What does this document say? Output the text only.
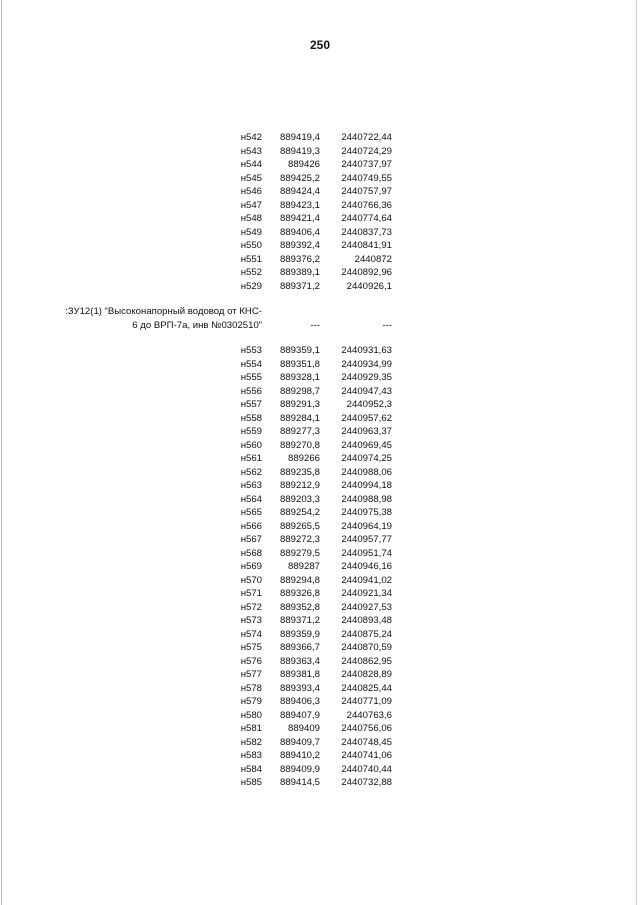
250
н542 889419,4 2440722,44
н543 889419,3 2440724,29
н544	889426 2440737,97
н545 889425,2 2440749,55
н546 889424,4 2440757,97
н547 889423,1 2440766,36
н548 889421,4 2440774,64
н549 889406,4 2440837,73
н550 889392,4 2440841,91
н551 889376,2	2440872
н552 889389,1 2440892,96
н529 889371,2	2440926,1
:ЗУ12(1) “Высоконапорный водовод от КНС-
6 до ВРП-7а, инв №0302510”	---	---
н553 889359,1 2440931,63
н554 889351,8 2440934,99
н555 889328,1 2440929,35
н556 889298,7 2440947,43
н557 889291,3	2440952,3
н558 889284,1 2440957,62
н559 889277,3 2440963,37
н560 889270,8 2440969,45
н561	889266 2440974,25
н562 889235,8 2440988,06
н563 889212,9 2440994,18
н564 889203,3 2440988,98
н565 889254,2 2440975,38
н566 889265,5 2440964,19
н567 889272,3 2440957,77
н568 889279,5 2440951,74
н569	889287 2440946,16
н570 889294,8 2440941,02
н571 889326,8 2440921,34
н572 889352,8 2440927,53
н573 889371,2 2440893,48
н574 889359,9 2440875,24
н575 889366,7 2440870,59
н576 889363,4 2440862,95
н577 889381,8 2440828,89
н578 889393,4 2440825,44
н579 889406,3 2440771,09
н580 889407,9	2440763,6
н581	889409 2440756,06
н582 889409,7 2440748,45
н583 889410,2 2440741,06
н584 889409,9 2440740,44
н585 889414,5 2440732,88
